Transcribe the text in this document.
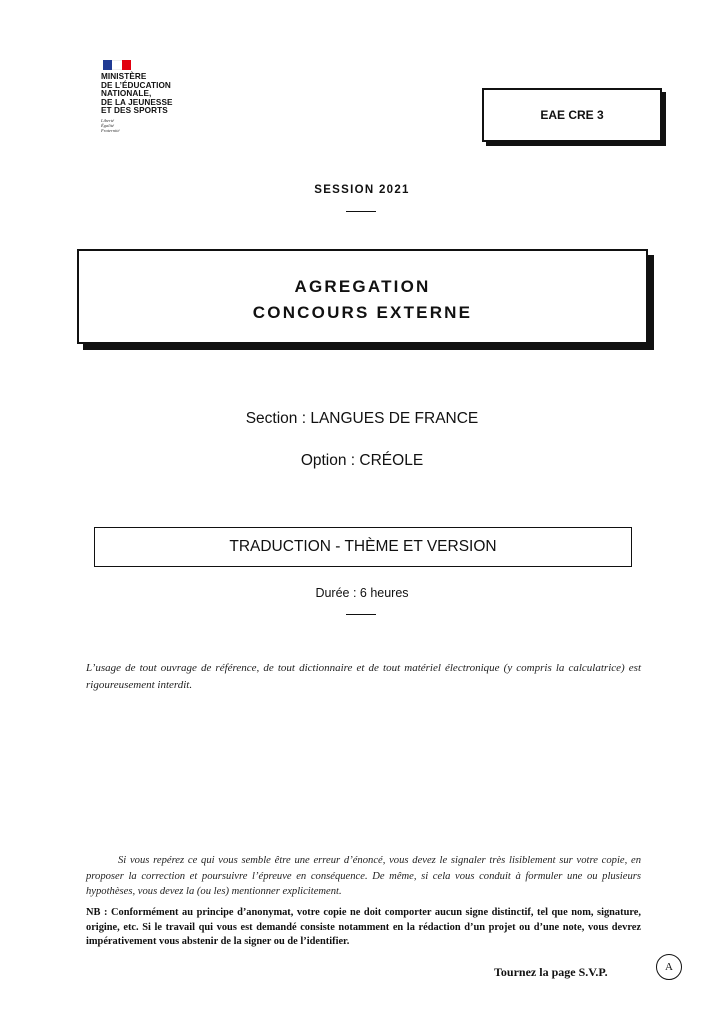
MINISTÈRE
DE L’ÉDUCATION
NATIONALE,
DE LA JEUNESSE
ET DES SPORTS
Liberté
Égalité
Fraternité
EAE CRE 3
SESSION 2021
AGREGATION
CONCOURS EXTERNE
Section : LANGUES DE FRANCE
Option : CRÉOLE
TRADUCTION - THÈME ET VERSION
Durée : 6 heures
L’usage de tout ouvrage de référence, de tout dictionnaire et de tout matériel électronique (y compris la calculatrice) est rigoureusement interdit.
Si vous repérez ce qui vous semble être une erreur d’énoncé, vous devez le signaler très lisiblement sur votre copie, en proposer la correction et poursuivre l’épreuve en conséquence. De même, si cela vous conduit à formuler une ou plusieurs hypothèses, vous devez la (ou les) mentionner explicitement.
NB : Conformément au principe d’anonymat, votre copie ne doit comporter aucun signe distinctif, tel que nom, signature, origine, etc. Si le travail qui vous est demandé consiste notamment en la rédaction d’un projet ou d’une note, vous devrez impérativement vous abstenir de la signer ou de l’identifier.
Tournez la page S.V.P.	A
